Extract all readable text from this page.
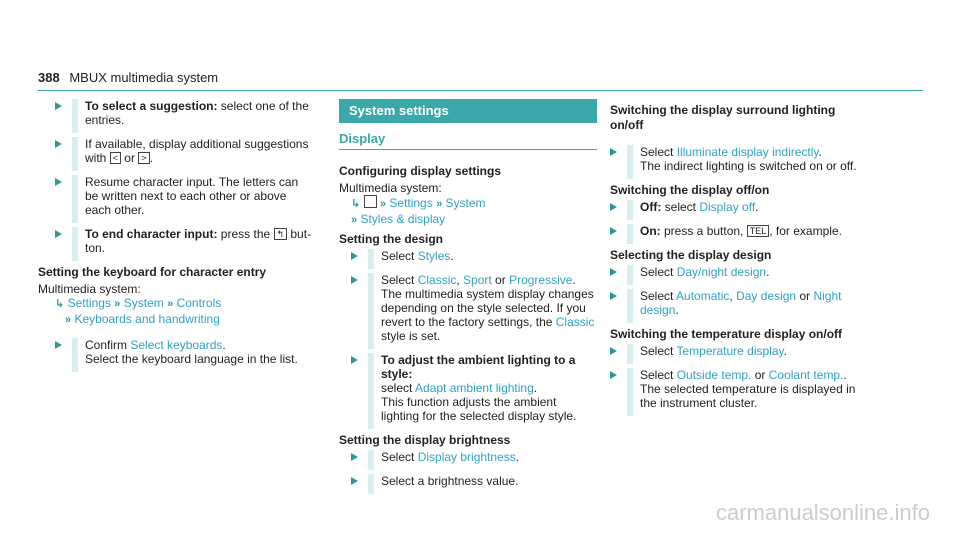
388 MBUX multimedia system
To select a suggestion: select one of the entries.
If available, display additional suggestions with < or > .
Resume character input. The letters can be written next to each other or above each other.
To end character input: press the ↰ but-ton.
Setting the keyboard for character entry
Multimedia system:
↳ Settings » System » Controls
» Keyboards and handwriting
Confirm Select keyboards.
Select the keyboard language in the list.
System settings
Display
Configuring display settings
Multimedia system:
↳ » Settings » System
» Styles & display
Setting the design
Select Styles.
Select Classic, Sport or Progressive.
The multimedia system display changes depending on the style selected. If you revert to the factory settings, the Classic style is set.
To adjust the ambient lighting to a style:
select Adapt ambient lighting.
This function adjusts the ambient lighting for the selected display style.
Setting the display brightness
Select Display brightness.
Select a brightness value.
Switching the display surround lighting on/off
Select Illuminate display indirectly.
The indirect lighting is switched on or off.
Switching the display off/on
Off: select Display off.
On: press a button, TEL , for example.
Selecting the display design
Select Day/night design.
Select Automatic, Day design or Night design.
Switching the temperature display on/off
Select Temperature display.
Select Outside temp. or Coolant temp..
The selected temperature is displayed in the instrument cluster.
carmanualsonline.info
